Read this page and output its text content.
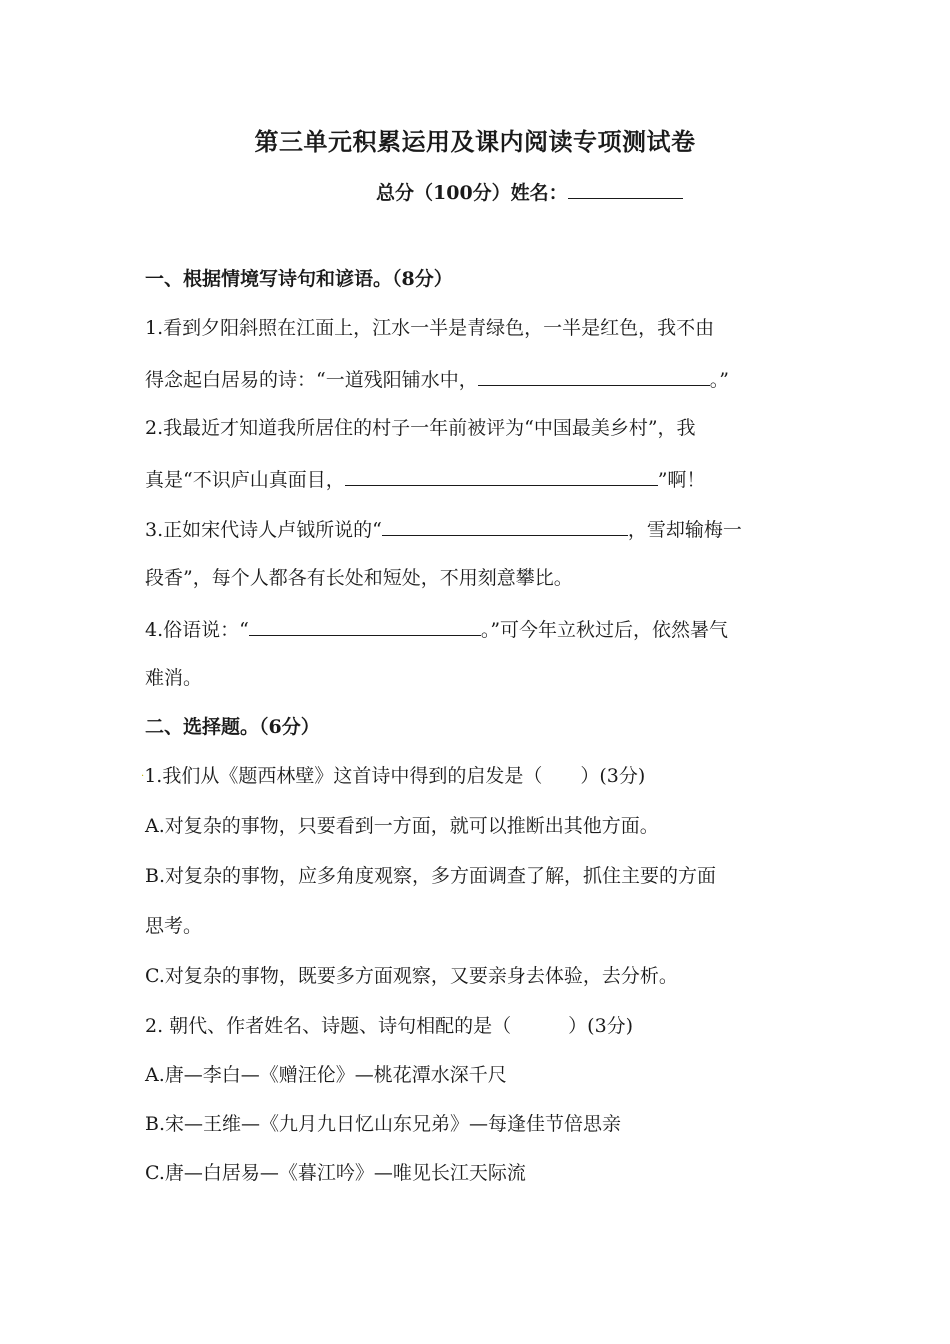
第三单元积累运用及课内阅读专项测试卷
总分（100分）姓名：
一、根据情境写诗句和谚语。（8分）
1.看到夕阳斜照在江面上，江水一半是青绿色，一半是红色，我不由
得念起白居易的诗：“一道残阳铺水中，	。”
2.我最近才知道我所居住的村子一年前被评为“中国最美乡村”，我
真是“不识庐山真面目，	”啊！
3.正如宋代诗人卢钺所说的“	，雪却输梅一
段香”，每个人都各有长处和短处，不用刻意攀比。
4.俗语说：“	。”可今年立秋过后，依然暑气
难消。
二、选择题。（6分）
·1.我们从《题西林壁》这首诗中得到的启发是（　　）(3分)
A.对复杂的事物，只要看到一方面，就可以推断出其他方面。
B.对复杂的事物，应多角度观察，多方面调查了解，抓住主要的方面
思考。
C.对复杂的事物，既要多方面观察，又要亲身去体验，去分析。
2. 朝代、作者姓名、诗题、诗句相配的是（　　　）(3分)
A.唐—李白—《赠汪伦》—桃花潭水深千尺
B.宋—王维—《九月九日忆山东兄弟》—每逢佳节倍思亲
C.唐—白居易—《暮江吟》—唯见长江天际流
